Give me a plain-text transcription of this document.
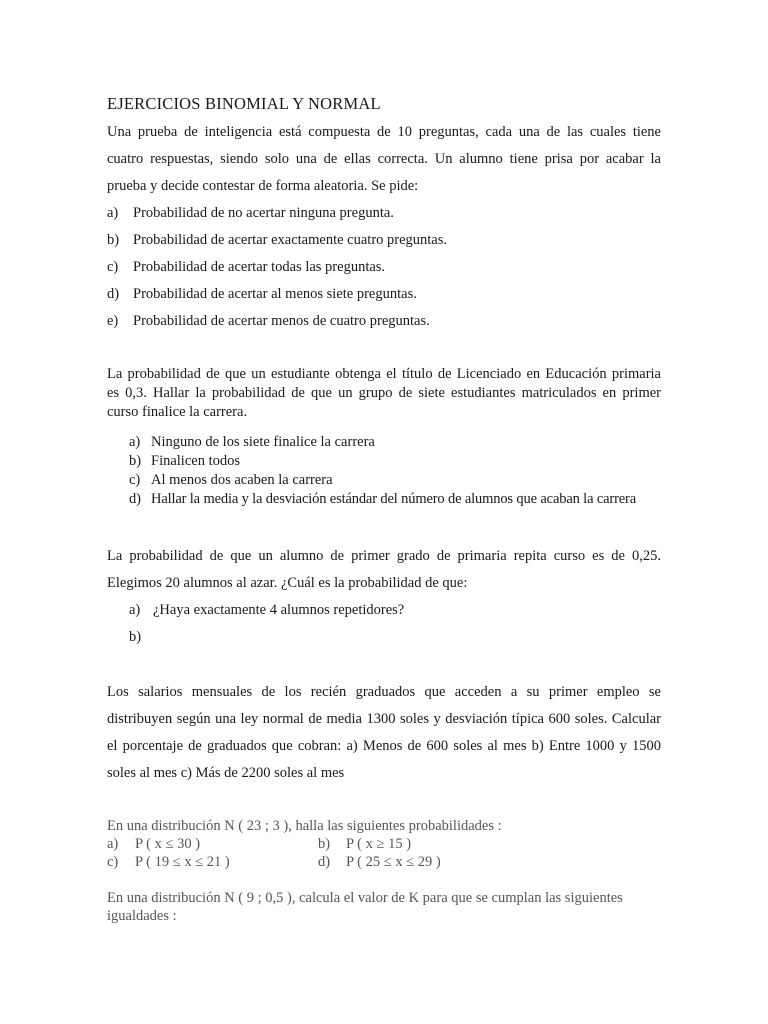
EJERCICIOS BINOMIAL Y NORMAL
Una prueba de inteligencia está compuesta de 10 preguntas, cada una de las cuales tiene
cuatro respuestas, siendo solo una de ellas correcta. Un alumno tiene prisa por acabar la
prueba y decide contestar de forma aleatoria. Se pide:
a) Probabilidad de no acertar ninguna pregunta.
b) Probabilidad de acertar exactamente cuatro preguntas.
c) Probabilidad de acertar todas las preguntas.
d) Probabilidad de acertar al menos siete preguntas.
e) Probabilidad de acertar menos de cuatro preguntas.
La probabilidad de que un estudiante obtenga el título de Licenciado en Educación primaria
es 0,3. Hallar la probabilidad de que un grupo de siete estudiantes matriculados en primer
curso finalice la carrera.
a) Ninguno de los siete finalice la carrera
b) Finalicen todos
c) Al menos dos acaben la carrera
d) Hallar la media y la desviación estándar del número de alumnos que acaban la carrera
La probabilidad de que un alumno de primer grado de primaria repita curso es de 0,25.
Elegimos 20 alumnos al azar. ¿Cuál es la probabilidad de que:
a) ¿Haya exactamente 4 alumnos repetidores?
b)
Los salarios mensuales de los recién graduados que acceden a su primer empleo se
distribuyen según una ley normal de media 1300 soles y desviación típica 600 soles. Calcular
el porcentaje de graduados que cobran: a) Menos de 600 soles al mes b) Entre 1000 y 1500
soles al mes c) Más de 2200 soles al mes
En una distribución N ( 23 ; 3 ), halla las siguientes probabilidades :
a) P ( x ≤ 30 )	b) P ( x ≥ 15 )
c) P ( 19 ≤ x ≤ 21 )	d) P ( 25 ≤ x ≤ 29 )
En una distribución N ( 9 ; 0,5 ), calcula el valor de K para que se cumplan las siguientes
igualdades :
